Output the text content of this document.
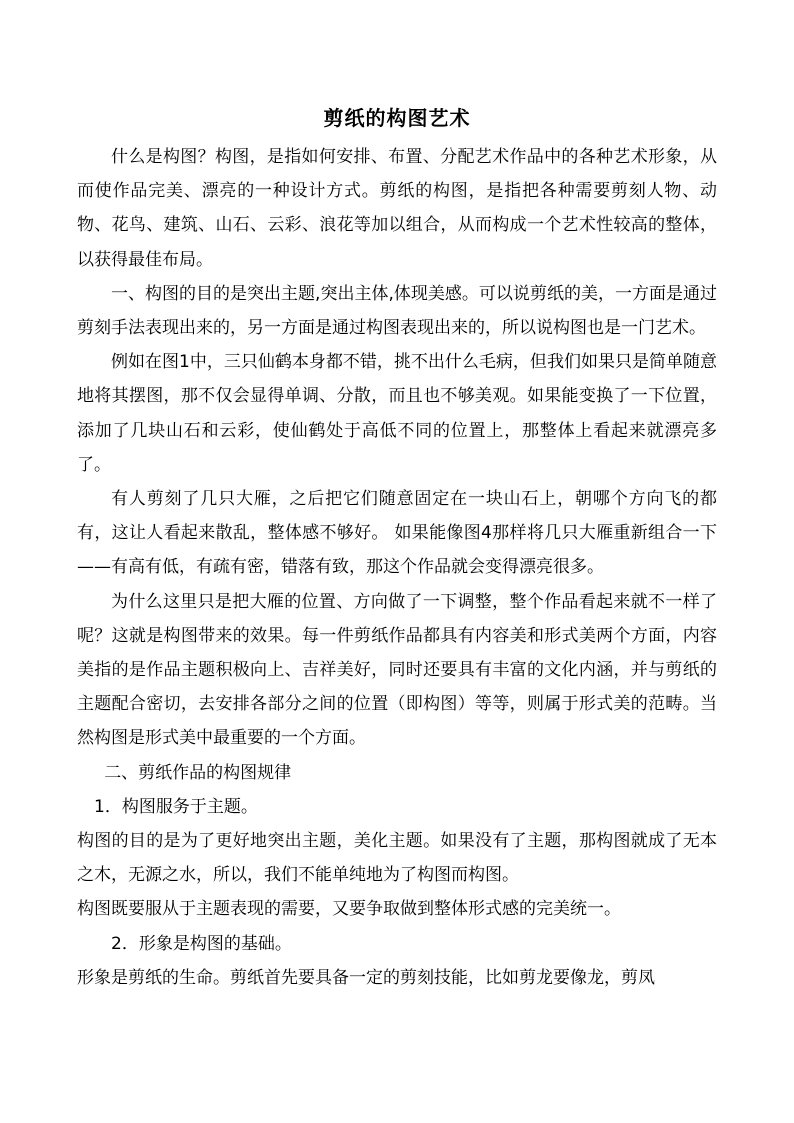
剪纸的构图艺术

什么是构图？构图，是指如何安排、布置、分配艺术作品中的各种艺术形象，从而使作品完美、漂亮的一种设计方式。剪纸的构图，是指把各种需要剪刻人物、动物、花鸟、建筑、山石、云彩、浪花等加以组合，从而构成一个艺术性较高的整体，以获得最佳布局。

一、构图的目的是突出主题,突出主体,体现美感。可以说剪纸的美，一方面是通过剪刻手法表现出来的，另一方面是通过构图表现出来的，所以说构图也是一门艺术。

例如在图1中，三只仙鹤本身都不错，挑不出什么毛病，但我们如果只是简单随意地将其摆图，那不仅会显得单调、分散，而且也不够美观。如果能变换了一下位置，添加了几块山石和云彩，使仙鹤处于高低不同的位置上，那整体上看起来就漂亮多了。

有人剪刻了几只大雁，之后把它们随意固定在一块山石上，朝哪个方向飞的都有，这让人看起来散乱，整体感不够好。 如果能像图4那样将几只大雁重新组合一下——有高有低，有疏有密，错落有致，那这个作品就会变得漂亮很多。

为什么这里只是把大雁的位置、方向做了一下调整，整个作品看起来就不一样了呢？这就是构图带来的效果。每一件剪纸作品都具有内容美和形式美两个方面，内容美指的是作品主题积极向上、吉祥美好，同时还要具有丰富的文化内涵，并与剪纸的主题配合密切，去安排各部分之间的位置（即构图）等等，则属于形式美的范畴。当然构图是形式美中最重要的一个方面。

二、剪纸作品的构图规律

1．构图服务于主题。

构图的目的是为了更好地突出主题，美化主题。如果没有了主题，那构图就成了无本之木，无源之水，所以，我们不能单纯地为了构图而构图。

构图既要服从于主题表现的需要，又要争取做到整体形式感的完美统一。

2．形象是构图的基础。

形象是剪纸的生命。剪纸首先要具备一定的剪刻技能，比如剪龙要像龙，剪凤
